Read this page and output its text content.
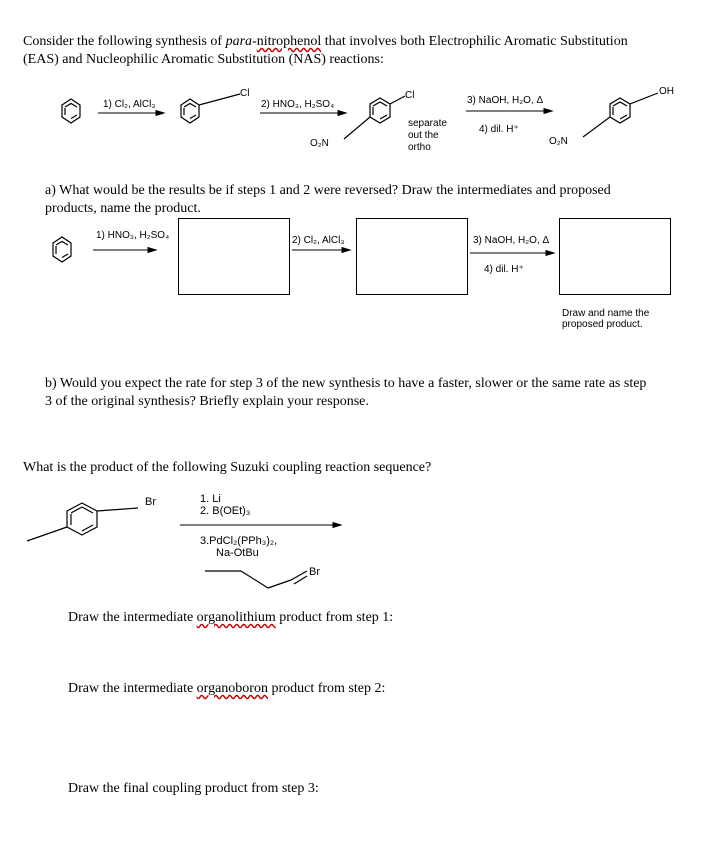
Consider the following synthesis of para-nitrophenol that involves both Electrophilic Aromatic Substitution
(EAS) and Nucleophilic Aromatic Substitution (NAS) reactions:
1) Cl₂, AlCl₃
Cl
2) HNO₃, H₂SO₄
Cl
O₂N
separate
out the
ortho
3) NaOH, H₂O, Δ
4) dil. H⁺
OH
O₂N
a) What would be the results be if steps 1 and 2 were reversed? Draw the intermediates and proposed
products, name the product.
1) HNO₃, H₂SO₄	2) Cl₂, AlCl₃	3) NaOH, H₂O, Δ
4) dil. H⁺
Draw and name the
proposed product.
b) Would you expect the rate for step 3 of the new synthesis to have a faster, slower or the same rate as step
3 of the original synthesis? Briefly explain your response.
What is the product of the following Suzuki coupling reaction sequence?
Br	1. Li
2. B(OEt)₃
3.PdCl₂(PPh₃)₂,
Na-OtBu
Br
Draw the intermediate organolithium product from step 1:
Draw the intermediate organoboron product from step 2:
Draw the final coupling product from step 3:
